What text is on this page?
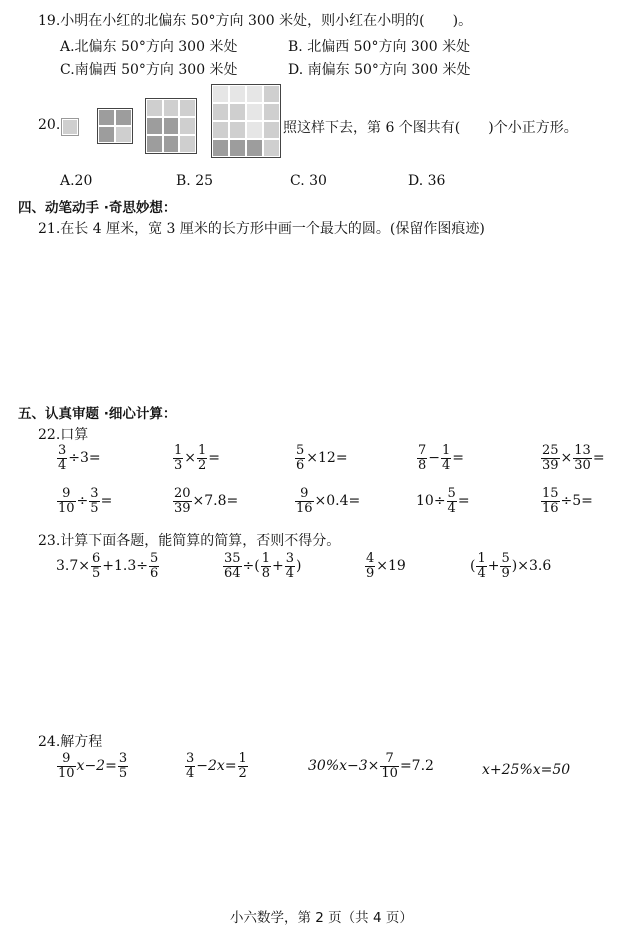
19.小明在小红的北偏东 50°方向 300 米处，则小红在小明的(　　)。
A.北偏东 50°方向 300 米处	B. 北偏西 50°方向 300 米处
C.南偏西 50°方向 300 米处	D. 南偏东 50°方向 300 米处
20.	照这样下去，第 6 个图共有(　　)个小正方形。
A.20	B. 25	C. 30	D. 36
四、动笔动手 ·奇思妙想：
21.在长 4 厘米，宽 3 厘米的长方形中画一个最大的圆。(保留作图痕迹)
五、认真审题 ·细心计算：
22.口算
$\frac{3}{4} \div 3=$	$\frac{1}{3} \times \frac{1}{2}$ =	$\frac{5}{6} \times 12=$	$\frac{7}{8} - \frac{1}{4}$ =	$\frac{25}{39} \times \frac{13}{30}$ =
$\frac{9}{10} \div \frac{3}{5}$ =	$\frac{20}{39} \times 7.8=$	$\frac{9}{16} \times 0.4=$	$10\div \frac{5}{4}$ =	$\frac{15}{16} \div 5=$
23.计算下面各题，能简算的简算，否则不得分。
$3.7\times \frac{6}{5} +1.3\div \frac{5}{6}$	$\frac{35}{64}$ ÷( $\frac{1}{8} + \frac{3}{4}$ )	$\frac{4}{9} \times 19$	( $\frac{1}{4} + \frac{5}{9} )\times 3.6$
24.解方程
$\frac{9}{10} x-2= \frac{3}{5}$	$\frac{3}{4} -2x= \frac{1}{2}$	$30\%x-3\times \frac{7}{10} =7.2$	x+25%x=50
小六数学，第 2 页（共 4 页）
